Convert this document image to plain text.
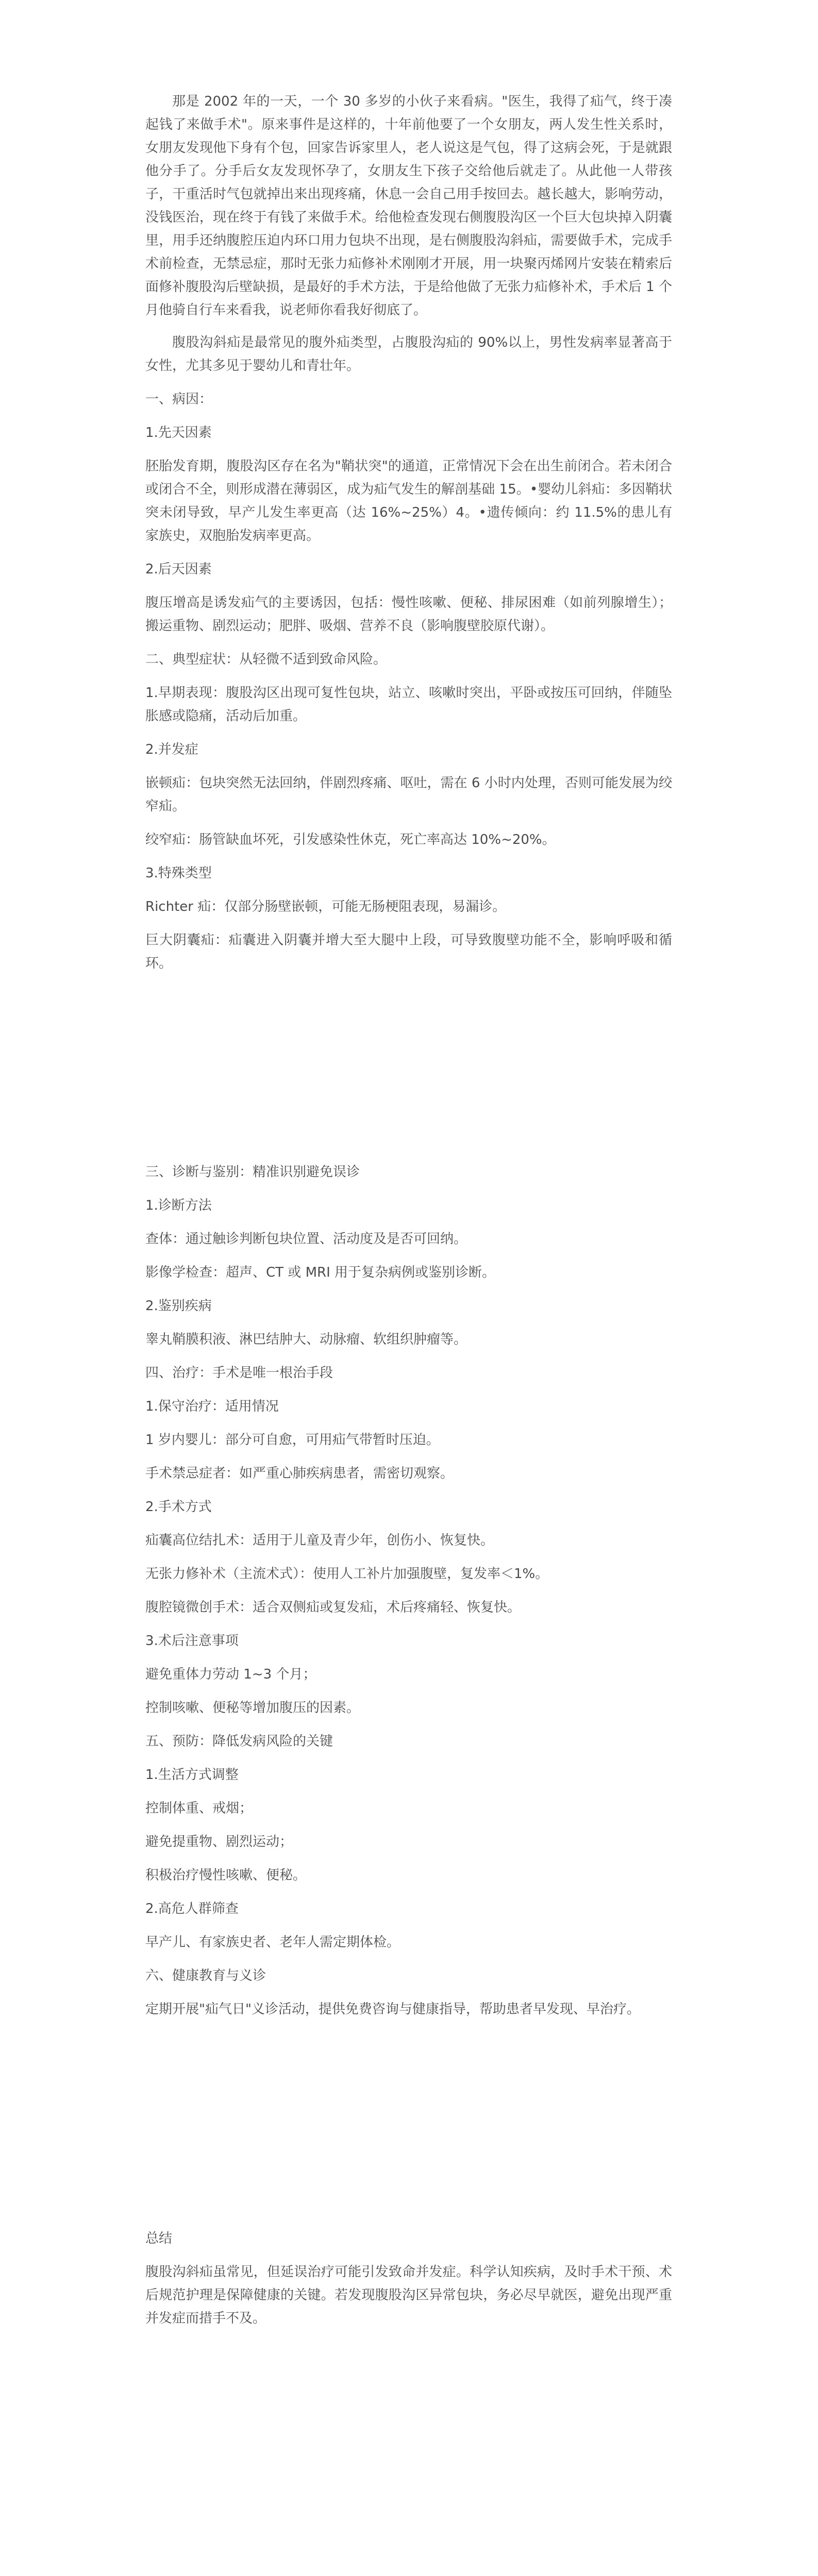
那是 2002 年的一天，一个 30 多岁的小伙子来看病。"医生，我得了疝气，终于凑起钱了来做手术"。原来事件是这样的，十年前他要了一个女朋友，两人发生性关系时，女朋友发现他下身有个包，回家告诉家里人，老人说这是气包，得了这病会死，于是就跟他分手了。分手后女友发现怀孕了，女朋友生下孩子交给他后就走了。从此他一人带孩子，干重活时气包就掉出来出现疼痛，休息一会自己用手按回去。越长越大，影响劳动，没钱医治，现在终于有钱了来做手术。给他检查发现右侧腹股沟区一个巨大包块掉入阴囊里，用手还纳腹腔压迫内环口用力包块不出现，是右侧腹股沟斜疝，需要做手术，完成手术前检查，无禁忌症，那时无张力疝修补术刚刚才开展，用一块聚丙烯网片安装在精索后面修补腹股沟后壁缺损，是最好的手术方法，于是给他做了无张力疝修补术，手术后 1 个月他骑自行车来看我，说老师你看我好彻底了。

腹股沟斜疝是最常见的腹外疝类型，占腹股沟疝的 90%以上，男性发病率显著高于女性，尤其多见于婴幼儿和青壮年。

一、病因：

1.先天因素

胚胎发育期，腹股沟区存在名为"鞘状突"的通道，正常情况下会在出生前闭合。若未闭合或闭合不全，则形成潜在薄弱区，成为疝气发生的解剖基础 15。•婴幼儿斜疝：多因鞘状突未闭导致，早产儿发生率更高（达 16%~25%）4。•遗传倾向：约 11.5%的患儿有家族史，双胞胎发病率更高。

2.后天因素

腹压增高是诱发疝气的主要诱因，包括：慢性咳嗽、便秘、排尿困难（如前列腺增生）；搬运重物、剧烈运动；肥胖、吸烟、营养不良（影响腹壁胶原代谢）。

二、典型症状：从轻微不适到致命风险。

1.早期表现：腹股沟区出现可复性包块，站立、咳嗽时突出，平卧或按压可回纳，伴随坠胀感或隐痛，活动后加重。

2.并发症

嵌顿疝：包块突然无法回纳，伴剧烈疼痛、呕吐，需在 6 小时内处理，否则可能发展为绞窄疝。

绞窄疝：肠管缺血坏死，引发感染性休克，死亡率高达 10%~20%。

3.特殊类型

Richter 疝：仅部分肠壁嵌顿，可能无肠梗阻表现，易漏诊。

巨大阴囊疝：疝囊进入阴囊并增大至大腿中上段，可导致腹壁功能不全，影响呼吸和循环。

三、诊断与鉴别：精准识别避免误诊

1.诊断方法

查体：通过触诊判断包块位置、活动度及是否可回纳。

影像学检查：超声、CT 或 MRI 用于复杂病例或鉴别诊断。

2.鉴别疾病

睾丸鞘膜积液、淋巴结肿大、动脉瘤、软组织肿瘤等。

四、治疗：手术是唯一根治手段

1.保守治疗：适用情况

1 岁内婴儿：部分可自愈，可用疝气带暂时压迫。

手术禁忌症者：如严重心肺疾病患者，需密切观察。

2.手术方式

疝囊高位结扎术：适用于儿童及青少年，创伤小、恢复快。

无张力修补术（主流术式）：使用人工补片加强腹壁，复发率＜1%。

腹腔镜微创手术：适合双侧疝或复发疝，术后疼痛轻、恢复快。

3.术后注意事项

避免重体力劳动 1~3 个月；

控制咳嗽、便秘等增加腹压的因素。

五、预防：降低发病风险的关键

1.生活方式调整

控制体重、戒烟；

避免提重物、剧烈运动；

积极治疗慢性咳嗽、便秘。

2.高危人群筛查

早产儿、有家族史者、老年人需定期体检。

六、健康教育与义诊

定期开展"疝气日"义诊活动，提供免费咨询与健康指导，帮助患者早发现、早治疗。

总结

腹股沟斜疝虽常见，但延误治疗可能引发致命并发症。科学认知疾病，及时手术干预、术后规范护理是保障健康的关键。若发现腹股沟区异常包块，务必尽早就医，避免出现严重并发症而措手不及。
